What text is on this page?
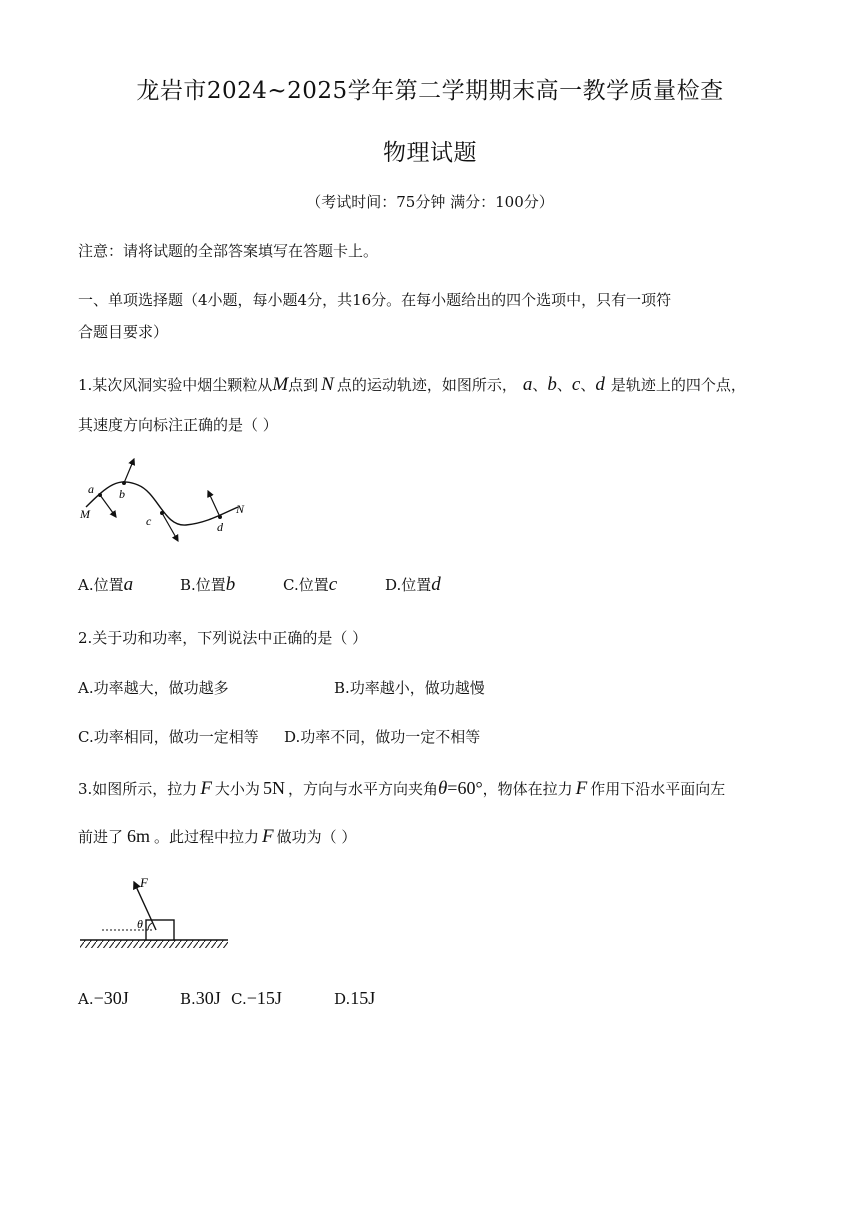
龙岩市2024~2025学年第二学期期末高一教学质量检查
物理试题
（考试时间：75分钟 满分：100分）
注意：请将试题的全部答案填写在答题卡上。
一、单项选择题（4小题，每小题4分，共16分。在每小题给出的四个选项中，只有一项符
合题目要求）
1.某次风洞实验中烟尘颗粒从M点到 N 点的运动轨迹，如图所示， a、b、c、d 是轨迹上的四个点，
其速度方向标注正确的是（ ）
a b
c	d
M	N
A.位置a	B.位置b	C.位置c	D.位置d
2.关于功和功率，下列说法中正确的是（ ）
A.功率越大，做功越多	B.功率越小，做功越慢
C.功率相同，做功一定相等 D.功率不同，做功一定不相等
3.如图所示，拉力 F 大小为 5N ，方向与水平方向夹角θ=60°，物体在拉力 F 作用下沿水平面向左
前进了 6m 。此过程中拉力 F 做功为（ ）
F
θ
A.−30J	B.30J C.−15J	D.15J
